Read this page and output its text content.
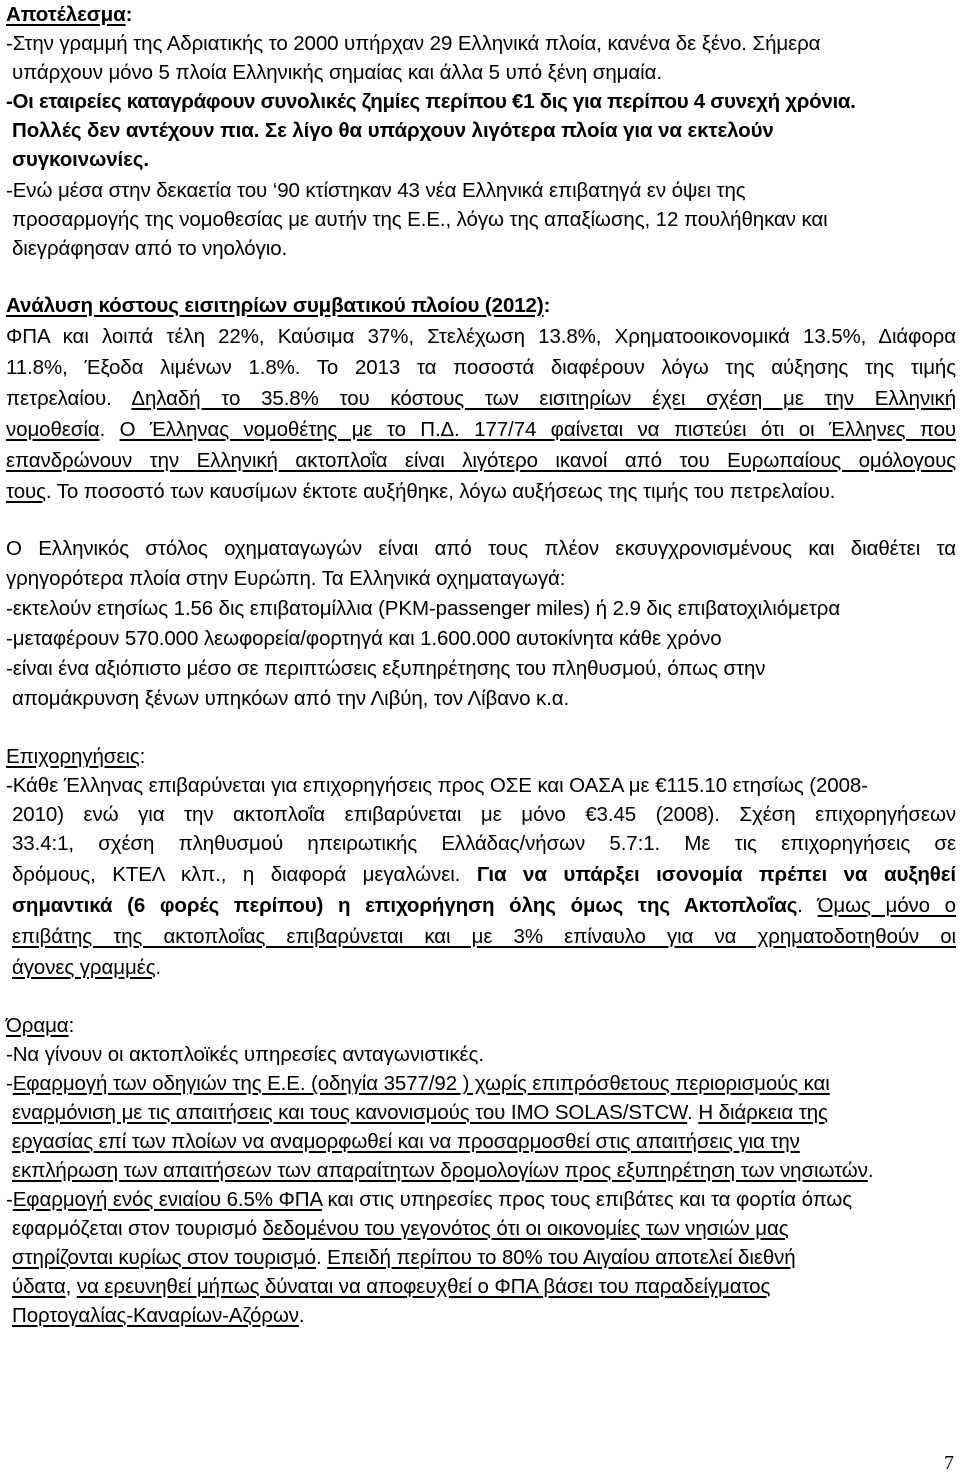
Αποτέλεσμα:
-Στην γραμμή της Αδριατικής το 2000 υπήρχαν 29 Ελληνικά πλοία, κανένα δε ξένο. Σήμερα
υπάρχουν μόνο 5 πλοία Ελληνικής σημαίας και άλλα 5 υπό ξένη σημαία.
-Οι εταιρείες καταγράφουν συνολικές ζημίες περίπου €1 δις για περίπου 4 συνεχή χρόνια.
Πολλές δεν αντέχουν πια. Σε λίγο θα υπάρχουν λιγότερα πλοία για να εκτελούν
συγκοινωνίες.
-Ενώ μέσα στην δεκαετία του ‘90 κτίστηκαν 43 νέα Ελληνικά επιβατηγά εν όψει της
προσαρμογής της νομοθεσίας με αυτήν της Ε.Ε., λόγω της απαξίωσης, 12 πουλήθηκαν και
διεγράφησαν από το νηολόγιο.
Ανάλυση κόστους εισιτηρίων συμβατικού πλοίου (2012):
ΦΠΑ και λοιπά τέλη 22%, Καύσιμα 37%, Στελέχωση 13.8%, Χρηματοοικονομικά 13.5%, Διάφορα
11.8%, Έξοδα λιμένων 1.8%. Το 2013 τα ποσοστά διαφέρουν λόγω της αύξησης της τιμής
πετρελαίου. Δηλαδή το 35.8% του κόστους των εισιτηρίων έχει σχέση με την Ελληνική
νομοθεσία. Ο Έλληνας νομοθέτης με το Π.Δ. 177/74 φαίνεται να πιστεύει ότι οι Έλληνες που
επανδρώνουν την Ελληνική ακτοπλοΐα είναι λιγότερο ικανοί από του Ευρωπαίους ομόλογους
τους. Το ποσοστό των καυσίμων έκτοτε αυξήθηκε, λόγω αυξήσεως της τιμής του πετρελαίου.
Ο Ελληνικός στόλος οχηματαγωγών είναι από τους πλέον εκσυγχρονισμένους και διαθέτει τα
γρηγορότερα πλοία στην Ευρώπη. Τα Ελληνικά οχηματαγωγά:
-εκτελούν ετησίως 1.56 δις επιβατομίλλια (PKM-passenger miles) ή 2.9 δις επιβατοχιλιόμετρα
-μεταφέρουν 570.000 λεωφορεία/φορτηγά και 1.600.000 αυτοκίνητα κάθε χρόνο
-είναι ένα αξιόπιστο μέσο σε περιπτώσεις εξυπηρέτησης του πληθυσμού, όπως στην
απομάκρυνση ξένων υπηκόων από την Λιβύη, τον Λίβανο κ.α.
Επιχορηγήσεις:
-Κάθε Έλληνας επιβαρύνεται για επιχορηγήσεις προς ΟΣΕ και ΟΑΣΑ με €115.10 ετησίως (2008-
2010) ενώ για την ακτοπλοΐα επιβαρύνεται με μόνο €3.45 (2008). Σχέση επιχορηγήσεων
33.4:1, σχέση πληθυσμού ηπειρωτικής Ελλάδας/νήσων 5.7:1. Με τις επιχορηγήσεις σε
δρόμους, ΚΤΕΛ κλπ., η διαφορά μεγαλώνει. Για να υπάρξει ισονομία πρέπει να αυξηθεί
σημαντικά (6 φορές περίπου) η επιχορήγηση όλης όμως της Ακτοπλοΐας. Όμως μόνο ο
επιβάτης της ακτοπλοΐας επιβαρύνεται και με 3% επίναυλο για να χρηματοδοτηθούν οι
άγονες γραμμές.
Όραμα:
-Να γίνουν οι ακτοπλοϊκές υπηρεσίες ανταγωνιστικές.
-Εφαρμογή των οδηγιών της Ε.Ε. (οδηγία 3577/92 ) χωρίς επιπρόσθετους περιορισμούς και
εναρμόνιση με τις απαιτήσεις και τους κανονισμούς του IMO SOLAS/STCW. Η διάρκεια της
εργασίας επί των πλοίων να αναμορφωθεί και να προσαρμοσθεί στις απαιτήσεις για την
εκπλήρωση των απαιτήσεων των απαραίτητων δρομολογίων προς εξυπηρέτηση των νησιωτών.
-Εφαρμογή ενός ενιαίου 6.5% ΦΠΑ και στις υπηρεσίες προς τους επιβάτες και τα φορτία όπως
εφαρμόζεται στον τουρισμό δεδομένου του γεγονότος ότι οι οικονομίες των νησιών μας
στηρίζονται κυρίως στον τουρισμό. Επειδή περίπου το 80% του Αιγαίου αποτελεί διεθνή
ύδατα, να ερευνηθεί μήπως δύναται να αποφευχθεί ο ΦΠΑ βάσει του παραδείγματος
Πορτογαλίας-Καναρίων-Αζόρων.
7
